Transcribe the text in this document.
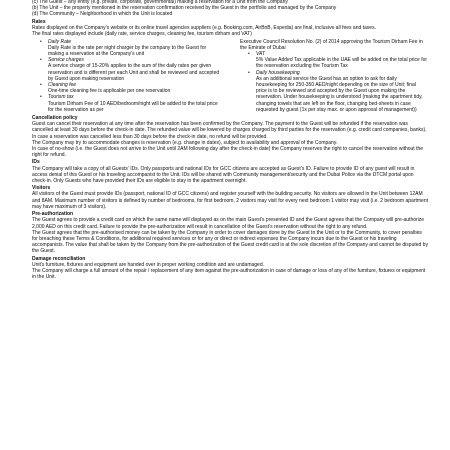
(c) The Guest – any entity (e.g. private, corporate, governmental) making a reservation for a Unit from the Company

(b) The Unit – the property mentioned in the reservation confirmation received by the Guest in the portfolio and managed by the Company

(d) The Community – Neighborhood in which the Unit is located

Rates

Rates displayed on the Company’s website or its online travel agencies suppliers (e.g. Booking.com, AirBnB, Expedia) are final, inclusive all fees and taxes.

The final rates displayed include (daily rate, service charges, cleaning fee, tourism dirham and VAT)

• Daily Rate

Daily Rate is the rate per night charger by the company to the Guest for making a reservation at the Company’s unit

• Service charges

A service charge of 15-20% applies to the sum of the daily rates per given reservation and is different per each Unit and shall be reviewed and accepted by Guest upon making reservation

• Cleaning fee

One-time cleaning fee is applicable per one reservation

• Tourism tax

Tourism Dirham Fee of 10 AED/bedroom/night will be added to the total price for the reservation as per

Executive Council Resolution No. (2) of 2014 approving the Tourism Dirham Fee in the Emirate of Dubai

• VAT

5% Value Added Tax applicable in the UAE will be added on the total price for the reservation excluding the Tourism Tax

• Daily housekeeping

As an additional service the Guest has an option to ask for daily housekeeping for 250-350 AED/night depending on the size of Unit; final price is to be reviewed and accepted by the Guest upon making the reservation. Under housekeeping is understood (making the apartment tidy, changing towels that are left on the floor, changing bed-sheets in case requested by guest (1x per stay max. or upon approval of management))

Cancellation policy

Guest can cancel their reservation at any time after the reservation has been confirmed by the Company. The payment to the Guest will be refunded if the reservation was cancelled at least 30 days before the check-in date. The refunded value will be lowered by charges charged by third parties for the reservation (e.g. credit card companies, banks).

In case a reservation was cancelled less than 30 days before the check-in date, no refund will be provided.

The Company may try to accommodate changes is reservation (e.g. change in dates), subject to availability and approval of the Company.

In case of no-show (i.e. the Guest does not arrive to the Unit until 2AM following day after the check-in date) the Company reserves the right to cancel the reservation without the right for refund.

IDs

The Company will take a copy of all Guests’ IDs. Only passports and national IDs for GCC citizens are accepted as Guest’s ID. Failure to provide ID of any guest will result in access denial of this Guest or his traveling accompanist to the Unit. IDs will be shared with Community management/security and the Dubai Police via the DTCM portal upon check-in. Only Guests who have provided their IDs are eligible to stay in the apartment overnight.

Visitors

All visitors of the Guest must provide IDs (passport, national ID of GCC citizens) and register yourself with the building security. No visitors are allowed in the Unit between 12AM and 8AM. Maximum number of visitors is defined by number of bedrooms, for first bedroom, 2 visitors may visit for every next bedroom 1 visitor may visit (i.e. 2 bedroom apartment may have maximum of 3 visitors).

Pre-authorization

The Guest agrees to provide a credit card on which the same name will displayed as on the main Guest’s presented ID and the Guest agrees that the Company will pre-authorize 2,000 AED on this credit card. Failure to provide the pre-authorization will result in cancellation of the Guest’s reservation without the right to any refund.

The Guest agrees that the pre-authorised money can be taken by the Company in order to cover damages done by the Guest to the Unit or to the Community, to cover penalties for breaching these Terms & Conditions, for additional required services or for any or direct or indirect expenses the Company incurs due to the Guest or his traveling accompanists. The value that shall be taken by the Company from the pre-authorization of the Guest credit card is at the sole discretion of the Company and cannot be disputed by the Guest.

Damage reconciliation

Unit’s furniture, fixtures and equipment are handed over in proper working condition and are undamaged.

The Company will charge a full amount of the repair / replacement of any item against the pre-authorization in case of damage or loss of any of the furniture, fixtures or equipment in the Unit.
